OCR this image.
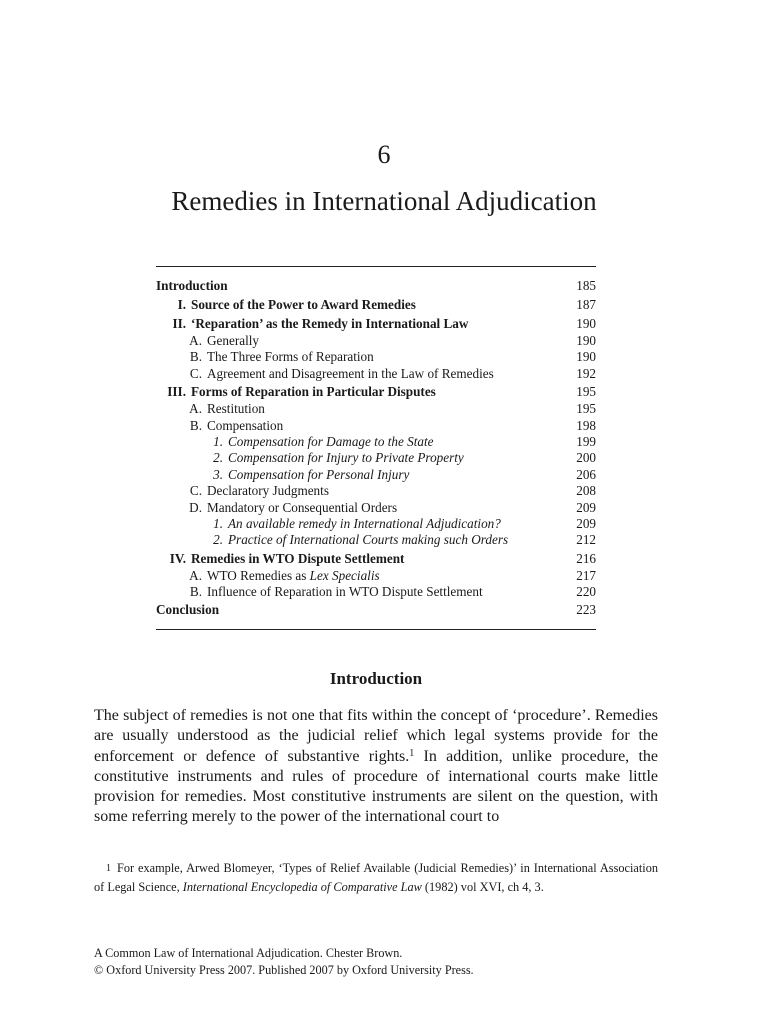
6
Remedies in International Adjudication
Introduction	185
I. Source of the Power to Award Remedies	187
II. ‘Reparation’ as the Remedy in International Law	190
A. Generally	190
B. The Three Forms of Reparation	190
C. Agreement and Disagreement in the Law of Remedies	192
III. Forms of Reparation in Particular Disputes	195
A. Restitution	195
B. Compensation	198
1. Compensation for Damage to the State	199
2. Compensation for Injury to Private Property	200
3. Compensation for Personal Injury	206
C. Declaratory Judgments	208
D. Mandatory or Consequential Orders	209
1. An available remedy in International Adjudication?	209
2. Practice of International Courts making such Orders	212
IV. Remedies in WTO Dispute Settlement	216
A. WTO Remedies as Lex Specialis	217
B. Influence of Reparation in WTO Dispute Settlement	220
Conclusion	223
Introduction

The subject of remedies is not one that fits within the concept of ‘procedure’. Remedies are usually understood as the judicial relief which legal systems provide for the enforcement or defence of substantive rights.$^1$ In addition, unlike procedure, the constitutive instruments and rules of procedure of international courts make little provision for remedies. Most constitutive instruments are silent on the question, with some referring merely to the power of the international court to

1 For example, Arwed Blomeyer, ‘Types of Relief Available (Judicial Remedies)’ in International Association of Legal Science, International Encyclopedia of Comparative Law (1982) vol XVI, ch 4, 3.
A Common Law of International Adjudication. Chester Brown.
© Oxford University Press 2007. Published 2007 by Oxford University Press.
